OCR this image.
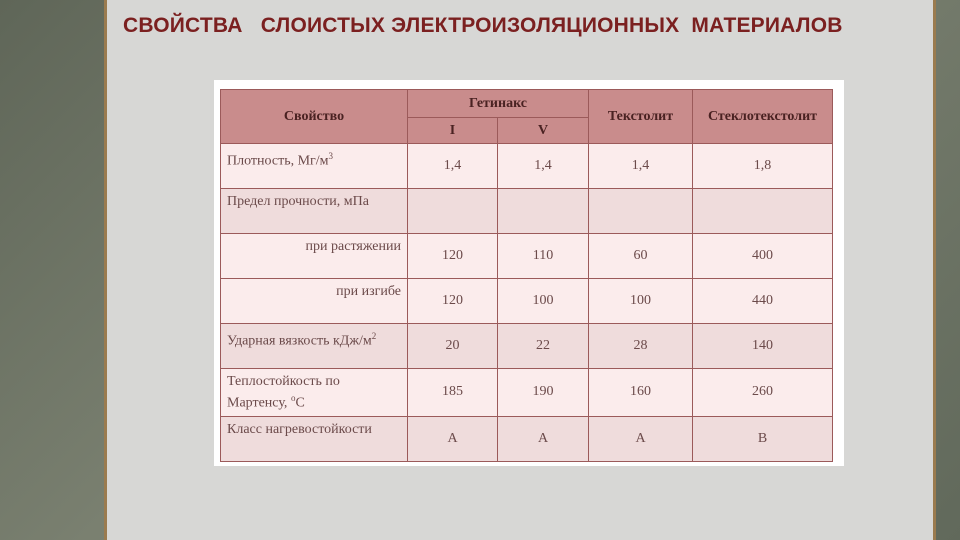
СВОЙСТВА   СЛОИСТЫХ ЭЛЕКТРОИЗОЛЯЦИОННЫХ  МАТЕРИАЛОВ
Свойство	Гетинакс		Текстолит	Стеклотекстолит
	I	V		
Плотность, $Мг/м^3$	1,4	1,4	1,4	1,8
Предел прочности, мПа				
при растяжении	120	110	60	400
при изгибе	120	100	100	440
Ударная вязкость кДж/$м^2$	20	22	28	140
Теплостойкость по Мартенсу, $^o$C	185	190	160	260
Класс нагревостойкости	А	А	А	В
